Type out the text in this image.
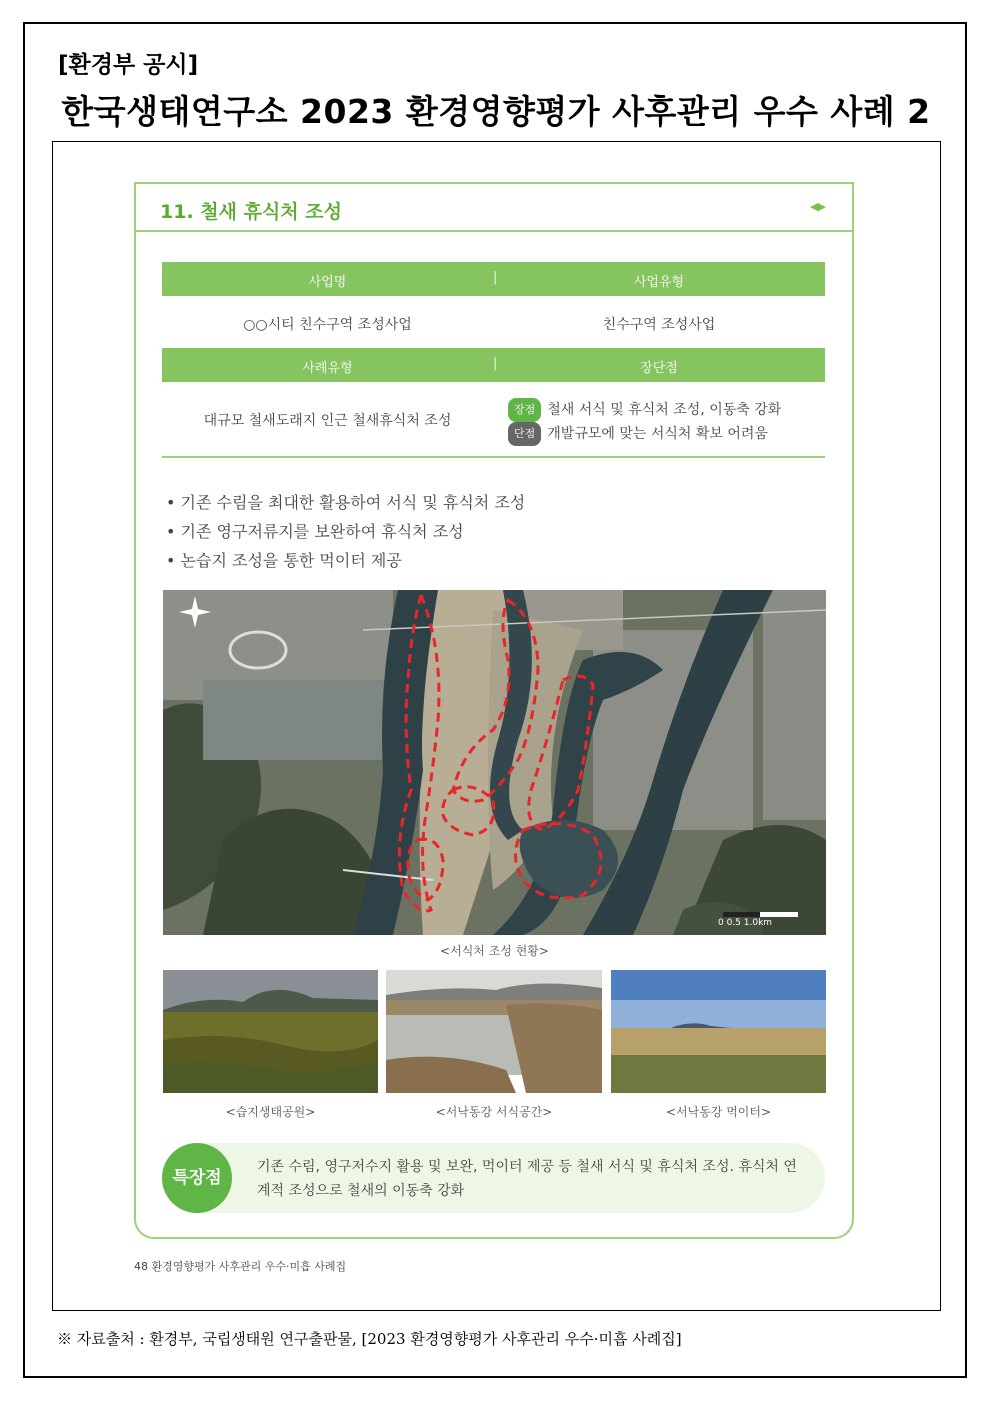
[환경부 공시]
한국생태연구소 2023 환경영향평가 사후관리 우수 사례 2
11. 철새 휴식처 조성	◀▶
사업명	|	사업유형
○○시티 친수구역 조성사업	친수구역 조성사업
사례유형	|	장단점
대규모 철새도래지 인근 철새휴식처 조성
장점 철새 서식 및 휴식처 조성, 이동축 강화
단점 개발규모에 맞는 서식처 확보 어려움
• 기존 수림을 최대한 활용하여 서식 및 휴식처 조성
• 기존 영구저류지를 보완하여 휴식처 조성
• 논습지 조성을 통한 먹이터 제공
0 0.5 1.0km
<서식처 조성 현황>
<습지생태공원>	<서낙동강 서식공간>	<서낙동강 먹이터>
특장점
기존 수림, 영구저수지 활용 및 보완, 먹이터 제공 등 철새 서식 및 휴식처 조성. 휴식처 연계적 조성으로 철새의 이동축 강화
48 환경영향평가 사후관리 우수·미흡 사례집
※ 자료출처 : 환경부, 국립생태원 연구출판물, [2023 환경영향평가 사후관리 우수·미흡 사례집]
